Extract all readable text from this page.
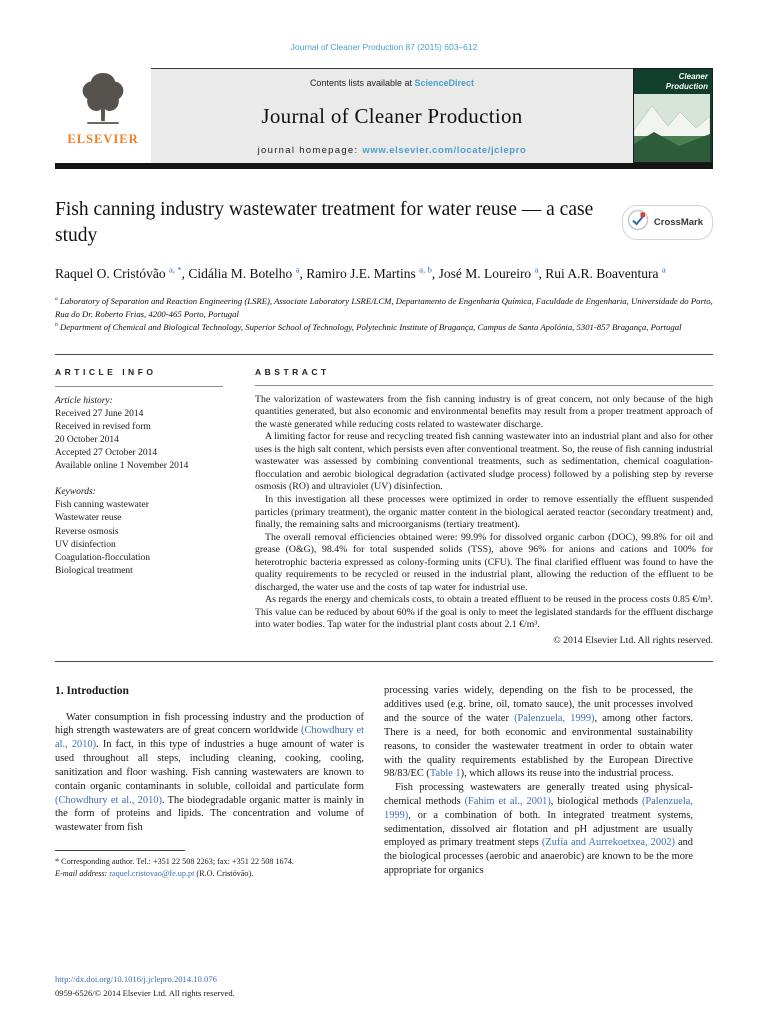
Journal of Cleaner Production 87 (2015) 603–612
ELSEVIER
Contents lists available at ScienceDirect
Journal of Cleaner Production
journal homepage: www.elsevier.com/locate/jclepro
Cleaner
Production
Fish canning industry wastewater treatment for water reuse — a case study
CrossMark
Raquel O. Cristóvão $^{a, *}$, Cidália M. Botelho $^a$, Ramiro J.E. Martins $^{a, b}$, José M. Loureiro $^a$, Rui A.R. Boaventura $^a$
$^a$ Laboratory of Separation and Reaction Engineering (LSRE), Associate Laboratory LSRE/LCM, Departamento de Engenharia Química, Faculdade de Engenharia, Universidade do Porto, Rua do Dr. Roberto Frias, 4200-465 Porto, Portugal
$^b$ Department of Chemical and Biological Technology, Superior School of Technology, Polytechnic Institute of Bragança, Campus de Santa Apolónia, 5301-857 Bragança, Portugal
ARTICLE INFO
Article history:
Received 27 June 2014
Received in revised form
20 October 2014
Accepted 27 October 2014
Available online 1 November 2014
Keywords:
Fish canning wastewater
Wastewater reuse
Reverse osmosis
UV disinfection
Coagulation-flocculation
Biological treatment
ABSTRACT

The valorization of wastewaters from the fish canning industry is of great concern, not only because of the high quantities generated, but also economic and environmental benefits may result from a proper treatment approach of the waste generated while reducing costs related to wastewater discharge.

A limiting factor for reuse and recycling treated fish canning wastewater into an industrial plant and also for other uses is the high salt content, which persists even after conventional treatment. So, the reuse of fish canning industrial wastewater was assessed by combining conventional treatments, such as sedimentation, chemical coagulation-flocculation and aerobic biological degradation (activated sludge process) followed by a polishing step by reverse osmosis (RO) and ultraviolet (UV) disinfection.

In this investigation all these processes were optimized in order to remove essentially the effluent suspended particles (primary treatment), the organic matter content in the biological aerated reactor (secondary treatment) and, finally, the remaining salts and microorganisms (tertiary treatment).

The overall removal efficiencies obtained were: 99.9% for dissolved organic carbon (DOC), 99.8% for oil and grease (O&G), 98.4% for total suspended solids (TSS), above 96% for anions and cations and 100% for heterotrophic bacteria expressed as colony-forming units (CFU). The final clarified effluent was found to have the quality requirements to be recycled or reused in the industrial plant, allowing the reduction of the effluent to be discharged, the water use and the costs of tap water for industrial use.

As regards the energy and chemicals costs, to obtain a treated effluent to be reused in the process costs 0.85 €/m³. This value can be reduced by about 60% if the goal is only to meet the legislated standards for the effluent discharge into water bodies. Tap water for the industrial plant costs about 2.1 €/m³.

© 2014 Elsevier Ltd. All rights reserved.
1. Introduction

Water consumption in fish processing industry and the production of high strength wastewaters are of great concern worldwide (Chowdhury et al., 2010). In fact, in this type of industries a huge amount of water is used throughout all steps, including cleaning, cooking, cooling, sanitization and floor washing. Fish canning wastewaters are known to contain organic contaminants in soluble, colloidal and particulate form (Chowdhury et al., 2010). The biodegradable organic matter is mainly in the form of proteins and lipids. The concentration and volume of wastewater from fish

* Corresponding author. Tel.: +351 22 508 2263; fax: +351 22 508 1674.
E-mail address: raquel.cristovao@fe.up.pt (R.O. Cristóvão).

processing varies widely, depending on the fish to be processed, the additives used (e.g. brine, oil, tomato sauce), the unit processes involved and the source of the water (Palenzuela, 1999), among other factors. There is a need, for both economic and environmental sustainability reasons, to consider the wastewater treatment in order to obtain water with the quality requirements established by the European Directive 98/83/EC (Table 1), which allows its reuse into the industrial process.

Fish processing wastewaters are generally treated using physical-chemical methods (Fahim et al., 2001), biological methods (Palenzuela, 1999), or a combination of both. In integrated treatment systems, sedimentation, dissolved air flotation and pH adjustment are usually employed as primary treatment steps (Zufía and Aurrekoetxea, 2002) and the biological processes (aerobic and anaerobic) are known to be the more appropriate for organics

http://dx.doi.org/10.1016/j.jclepro.2014.10.076
0959-6526/© 2014 Elsevier Ltd. All rights reserved.
